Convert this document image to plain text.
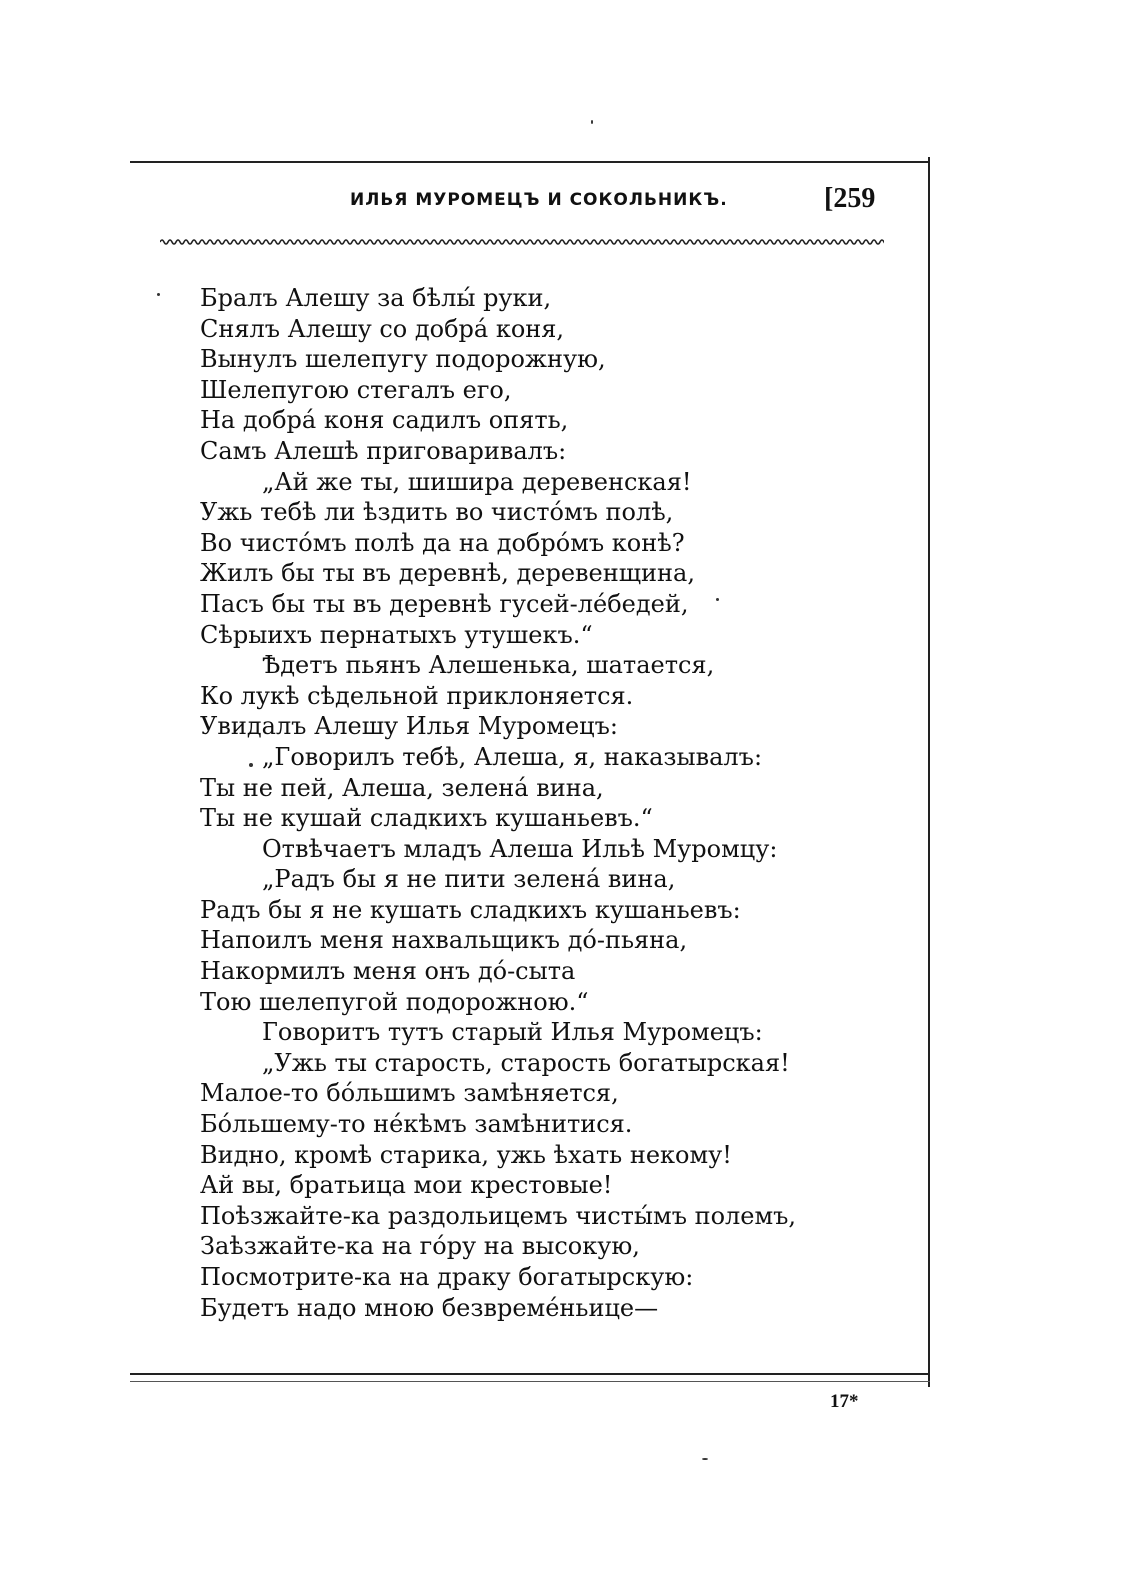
ИЛЬЯ МУРОМЕЦЪ И СОКОЛЬНИКЪ.	[259
Бралъ Алешу за бѣлы́ руки,
Снялъ Алешу со добра́ коня,
Вынулъ шелепугу подорожную,
Шелепугою стегалъ его,
На добра́ коня садилъ опять,
Самъ Алешѣ приговаривалъ:
„Ай же ты, шишира деревенская!
Ужь тебѣ ли ѣздить во чистóмъ полѣ,
Во чистóмъ полѣ да на добрóмъ конѣ?
Жилъ бы ты въ деревнѣ, деревенщина,
Пасъ бы ты въ деревнѣ гусей-лéбедей,
Сѣрыихъ пернатыхъ утушекъ.“
Ѣдетъ пьянъ Алешенька, шатается,
Ко лукѣ сѣдельной приклоняется.
Увидалъ Алешу Илья Муромецъ:
„Говорилъ тебѣ, Алеша, я, наказывалъ:
Ты не пей, Алеша, зелена́ вина,
Ты не кушай сладкихъ кушаньевъ.“
Отвѣчаетъ младъ Алеша Ильѣ Муромцу:
„Радъ бы я не пити зелена́ вина,
Радъ бы я не кушать сладкихъ кушаньевъ:
Напоилъ меня нахвальщикъ дó-пьяна,
Накормилъ меня онъ дó-сыта
Тою шелепугой подорожною.“
Говоритъ тутъ старый Илья Муромецъ:
„Ужь ты старость, старость богатырская!
Малое-то бóльшимъ замѣняется,
Бóльшему-то нéкѣмъ замѣнитися.
Видно, кромѣ старика, ужь ѣхать некому!
Ай вы, братьица мои крестовые!
Поѣзжайте-ка раздольицемъ чисты́мъ полемъ,
Заѣзжайте-ка на гóру на высокую,
Посмотрите-ка на драку богатырскую:
Будетъ надо мною безвремéньице—
17*
